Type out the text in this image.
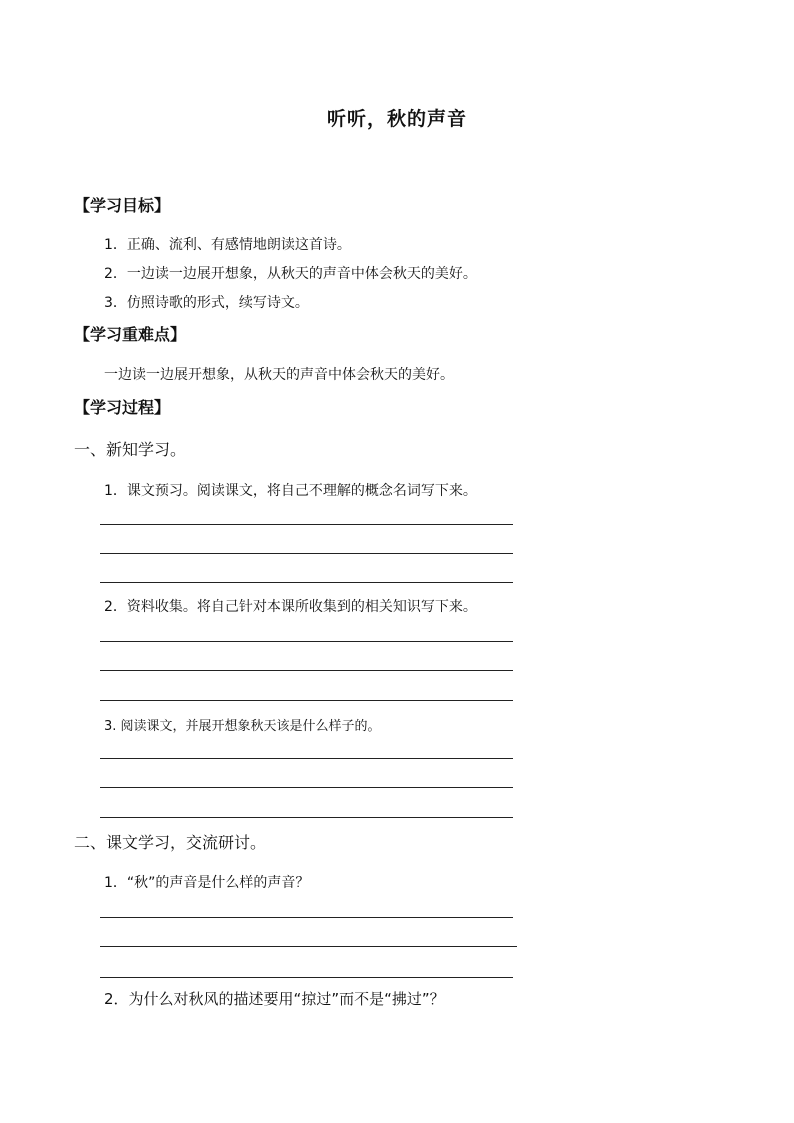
听听，秋的声音
【学习目标】
1．正确、流利、有感情地朗读这首诗。
2．一边读一边展开想象，从秋天的声音中体会秋天的美好。
3．仿照诗歌的形式，续写诗文。
【学习重难点】
一边读一边展开想象，从秋天的声音中体会秋天的美好。
【学习过程】
一、新知学习。
1．课文预习。阅读课文，将自己不理解的概念名词写下来。
2．资料收集。将自己针对本课所收集到的相关知识写下来。
3. 阅读课文，并展开想象秋天该是什么样子的。
二、课文学习，交流研讨。
1．“秋”的声音是什么样的声音？
2．为什么对秋风的描述要用“掠过”而不是“拂过”？
